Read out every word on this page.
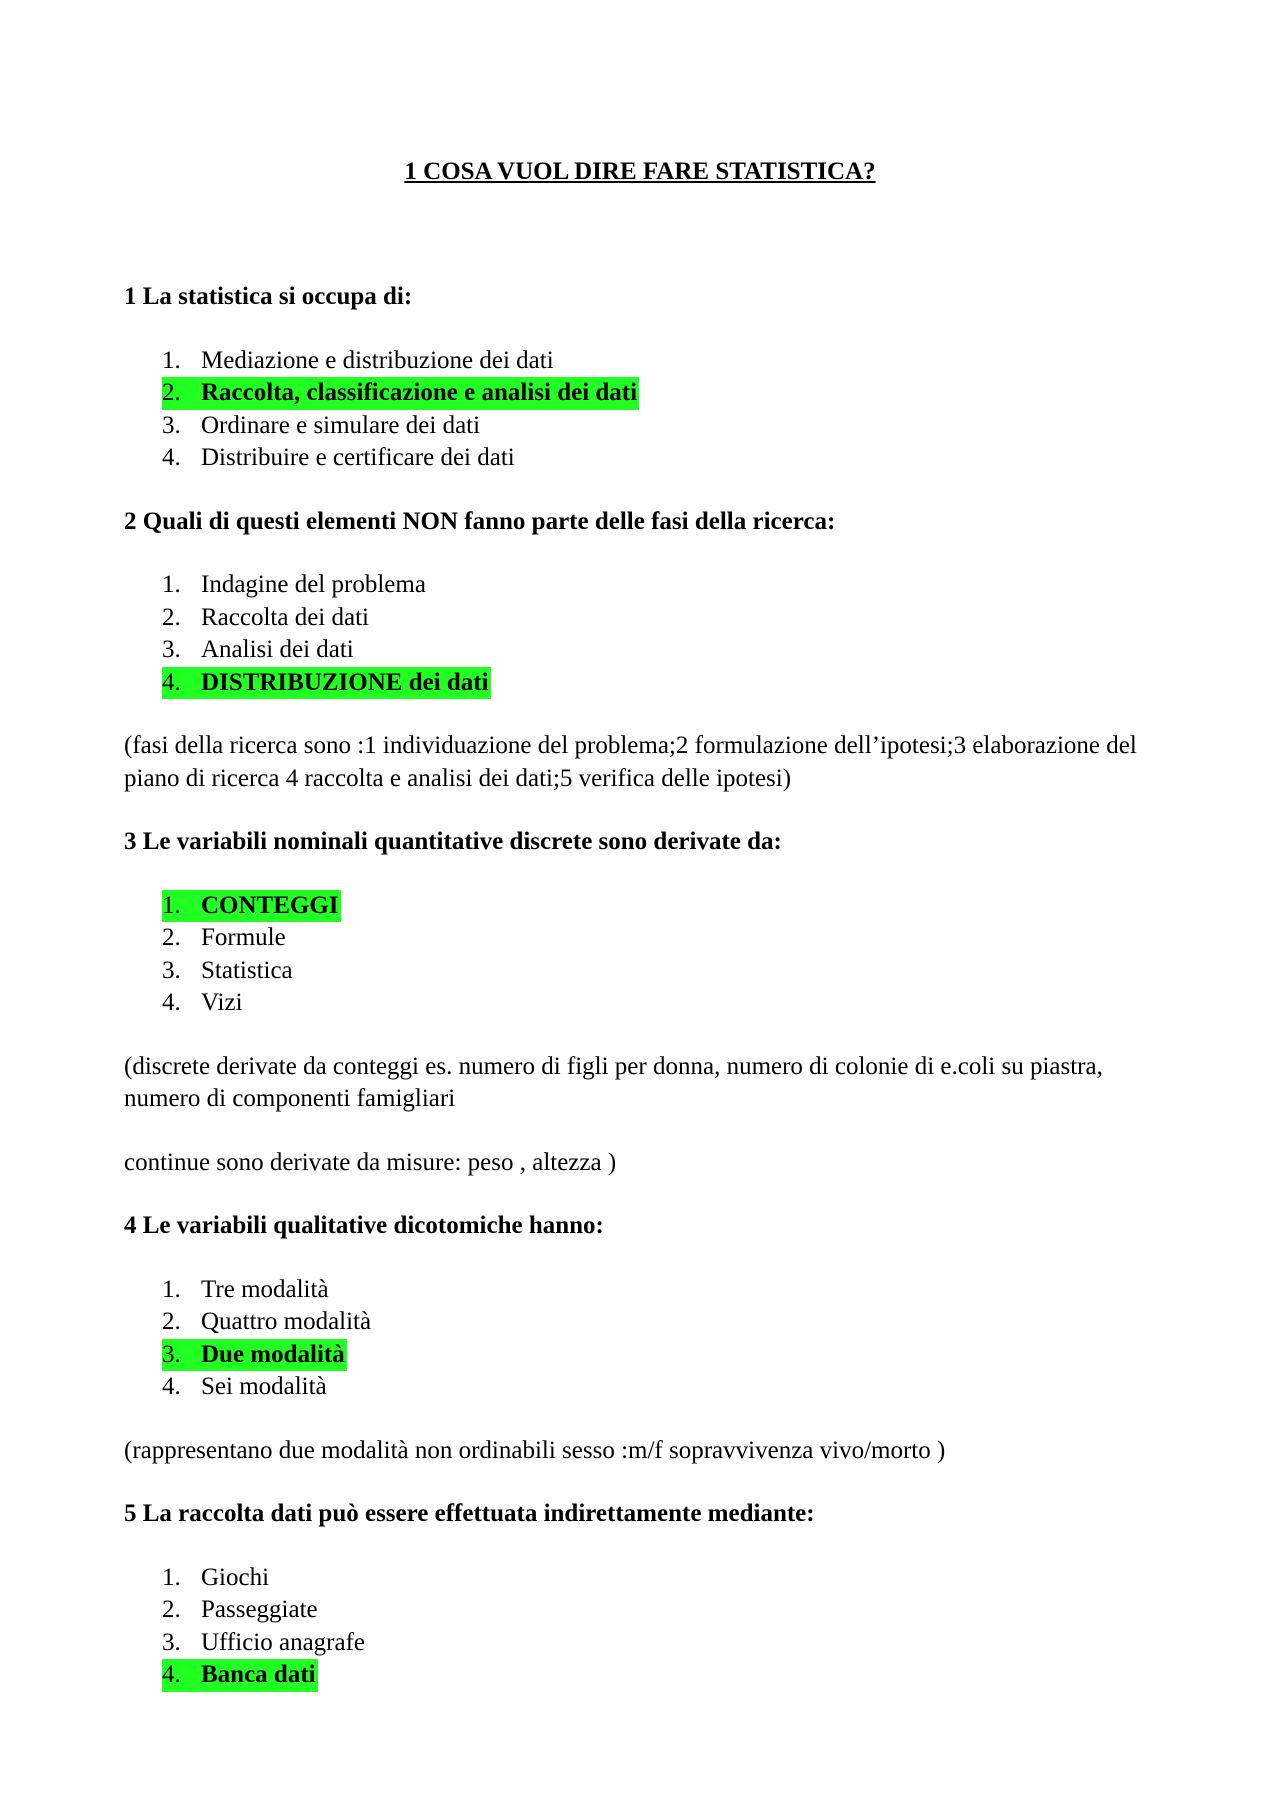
1 COSA VUOL DIRE FARE STATISTICA?

1 La statistica si occupa di:

1. Mediazione e distribuzione dei dati
2. Raccolta, classificazione e analisi dei dati
3. Ordinare e simulare dei dati
4. Distribuire e certificare dei dati

2 Quali di questi elementi NON fanno parte delle fasi della ricerca:

1. Indagine del problema
2. Raccolta dei dati
3. Analisi dei dati
4. DISTRIBUZIONE dei dati

(fasi della ricerca sono :1 individuazione del problema;2 formulazione dell’ipotesi;3 elaborazione del piano di ricerca 4 raccolta e analisi dei dati;5 verifica delle ipotesi)

3 Le variabili nominali quantitative discrete sono derivate da:

1. CONTEGGI
2. Formule
3. Statistica
4. Vizi

(discrete derivate da conteggi es. numero di figli per donna, numero di colonie di e.coli su piastra, numero di componenti famigliari

continue sono derivate da misure: peso , altezza )

4 Le variabili qualitative dicotomiche hanno:

1. Tre modalità
2. Quattro modalità
3. Due modalità
4. Sei modalità

(rappresentano due modalità non ordinabili sesso :m/f sopravvivenza vivo/morto )

5 La raccolta dati può essere effettuata indirettamente mediante:

1. Giochi
2. Passeggiate
3. Ufficio anagrafe
4. Banca dati
